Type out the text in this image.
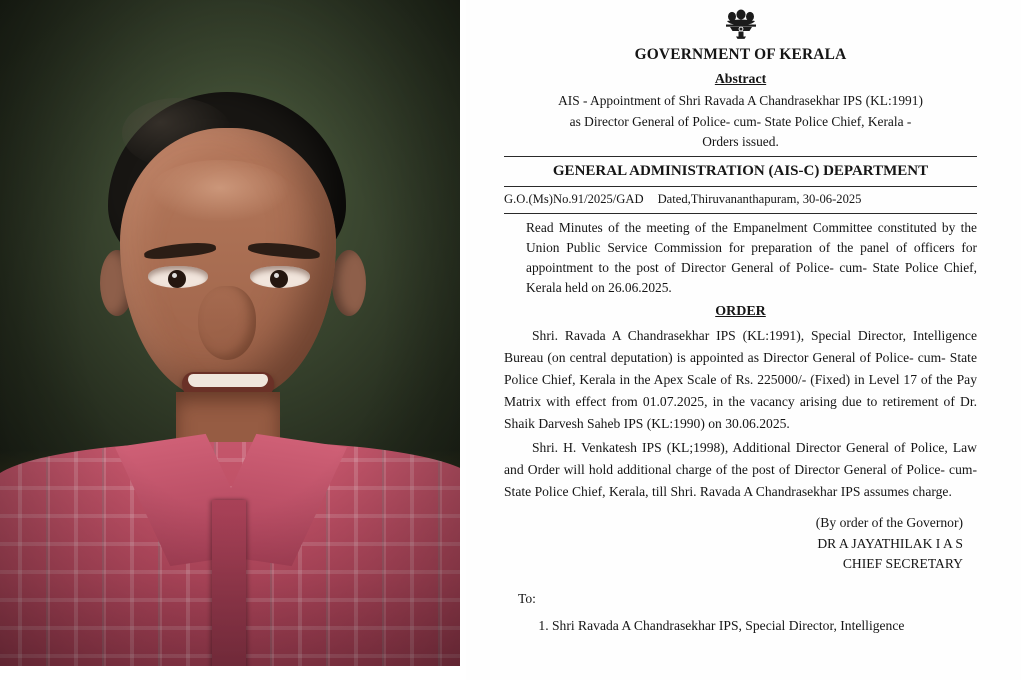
GOVERNMENT OF KERALA
Abstract
AIS - Appointment of Shri Ravada A Chandrasekhar IPS (KL:1991)
as Director General of Police- cum- State Police Chief, Kerala -
Orders issued.
GENERAL ADMINISTRATION (AIS-C) DEPARTMENT
G.O.(Ms)No.91/2025/GAD Dated,Thiruvananthapuram, 30-06-2025
Read Minutes of the meeting of the Empanelment Committee constituted by the Union Public Service Commission for preparation of the panel of officers for appointment to the post of Director General of Police- cum- State Police Chief, Kerala held on 26.06.2025.
ORDER

Shri. Ravada A Chandrasekhar IPS (KL:1991), Special Director, Intelligence Bureau (on central deputation) is appointed as Director General of Police- cum- State Police Chief, Kerala in the Apex Scale of Rs. 225000/- (Fixed) in Level 17 of the Pay Matrix with effect from 01.07.2025, in the vacancy arising due to retirement of Dr. Shaik Darvesh Saheb IPS (KL:1990) on 30.06.2025.

Shri. H. Venkatesh IPS (KL;1998), Additional Director General of Police, Law and Order will hold additional charge of the post of Director General of Police- cum- State Police Chief, Kerala, till Shri. Ravada A Chandrasekhar IPS assumes charge.

(By order of the Governor)
DR A JAYATHILAK I A S
CHIEF SECRETARY
To:
1. Shri Ravada A Chandrasekhar IPS, Special Director, Intelligence
